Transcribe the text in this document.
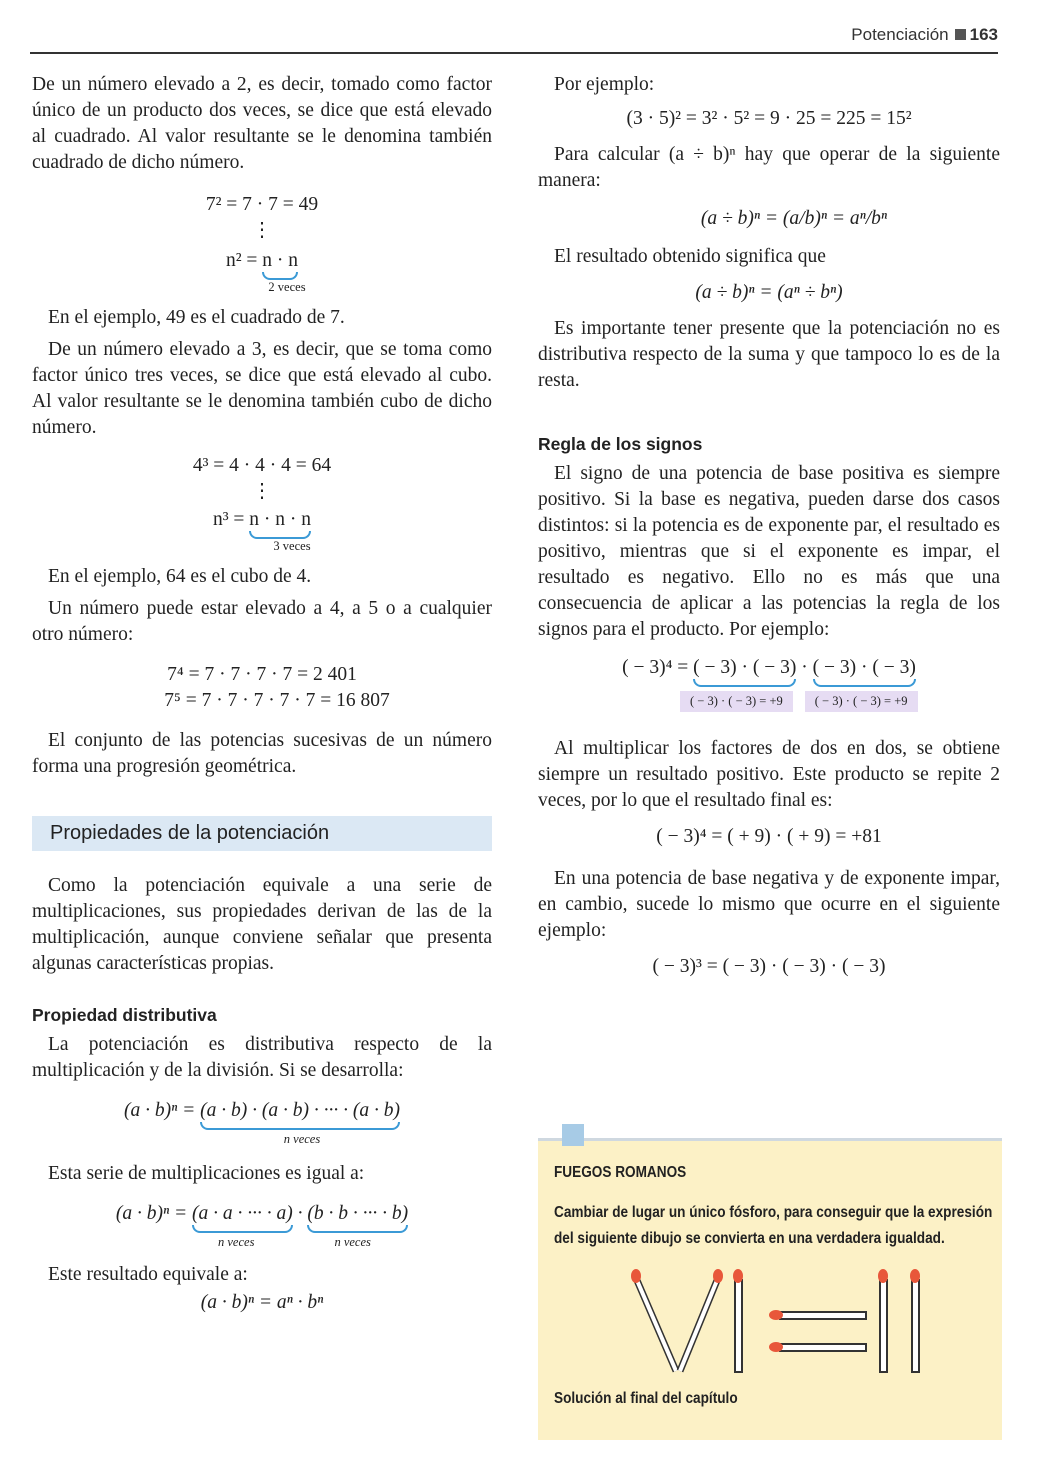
Potenciación 163

De un número elevado a 2, es decir, tomado como factor único de un producto dos veces, se dice que está elevado al cuadrado. Al valor resultante se le denomina también cuadrado de dicho número.

7² = 7 · 7 = 49
⋮
n² = n · n
2 veces

En el ejemplo, 49 es el cuadrado de 7.

De un número elevado a 3, es decir, que se toma como factor único tres veces, se dice que está elevado al cubo. Al valor resultante se le denomina también cubo de dicho número.

4³ = 4 · 4 · 4 = 64
⋮
n³ = n · n · n
3 veces

En el ejemplo, 64 es el cubo de 4.

Un número puede estar elevado a 4, a 5 o a cualquier otro número:

7⁴ = 7 · 7 · 7 · 7 = 2 401
7⁵ = 7 · 7 · 7 · 7 · 7 = 16 807

El conjunto de las potencias sucesivas de un número forma una progresión geométrica.

Propiedades de la potenciación

Como la potenciación equivale a una serie de multiplicaciones, sus propiedades derivan de las de la multiplicación, aunque conviene señalar que presenta algunas características propias.

Propiedad distributiva

La potenciación es distributiva respecto de la multiplicación y de la división. Si se desarrolla:

(a · b)ⁿ = (a · b) · (a · b) · ··· · (a · b)
n veces

Esta serie de multiplicaciones es igual a:

(a · b)ⁿ = (a · a · ··· · a) · (b · b · ··· · b)
n veces	n veces

Este resultado equivale a:

(a · b)ⁿ = aⁿ · bⁿ

Por ejemplo:

(3 · 5)² = 3² · 5² = 9 · 25 = 225 = 15²

Para calcular (a ÷ b)ⁿ hay que operar de la siguiente manera:

(a ÷ b)ⁿ = (a/b)ⁿ = aⁿ/bⁿ

El resultado obtenido significa que

(a ÷ b)ⁿ = (aⁿ ÷ bⁿ)

Es importante tener presente que la potenciación no es distributiva respecto de la suma y que tampoco lo es de la resta.

Regla de los signos

El signo de una potencia de base positiva es siempre positivo. Si la base es negativa, pueden darse dos casos distintos: si la potencia es de exponente par, el resultado es positivo, mientras que si el exponente es impar, el resultado es negativo. Ello no es más que una consecuencia de aplicar a las potencias la regla de los signos para el producto. Por ejemplo:

( − 3)⁴ = ( − 3) · ( − 3) · ( − 3) · ( − 3)
( − 3) · ( − 3) = +9	( − 3) · ( − 3) = +9

Al multiplicar los factores de dos en dos, se obtiene siempre un resultado positivo. Este producto se repite 2 veces, por lo que el resultado final es:

( − 3)⁴ = ( + 9) · ( + 9) = +81

En una potencia de base negativa y de exponente impar, en cambio, sucede lo mismo que ocurre en el siguiente ejemplo:

( − 3)³ = ( − 3) · ( − 3) · ( − 3)
FUEGOS ROMANOS
Cambiar de lugar un único fósforo, para conseguir que la expresión del siguiente dibujo se convierta en una verdadera igualdad.
Solución al final del capítulo
